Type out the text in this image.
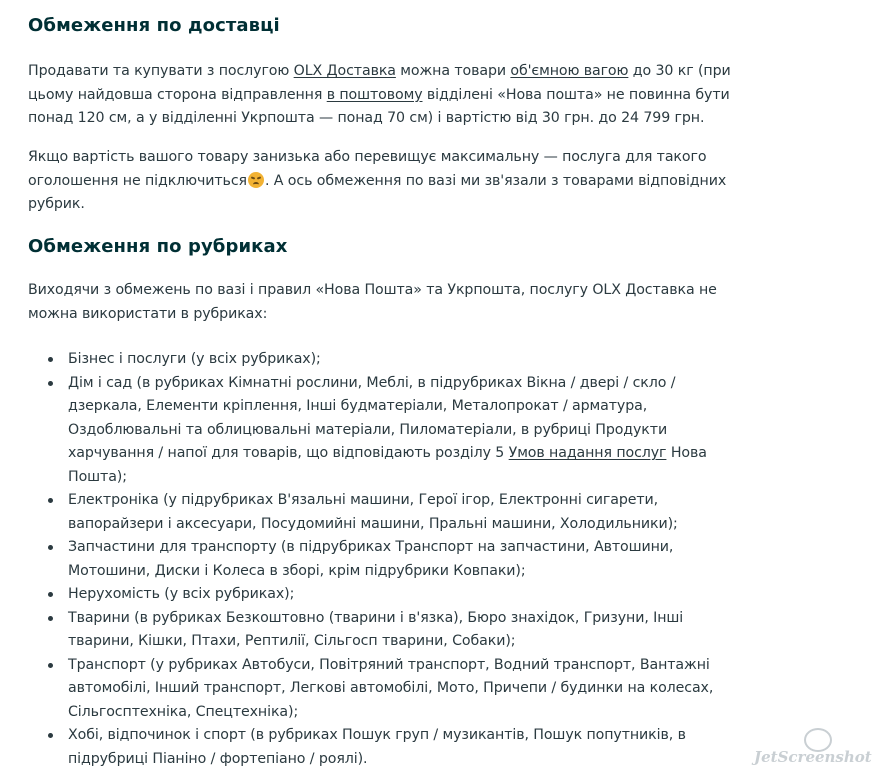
Обмеження по доставці

Продавати та купувати з послугою OLX Доставка можна товари об'ємною вагою до 30 кг (при цьому найдовша сторона відправлення в поштовому відділені «Нова пошта» не повинна бути понад 120 см, а у відділенні Укрпошта — понад 70 см) і вартістю від 30 грн. до 24 799 грн.

Якщо вартість вашого товару занизька або перевищує максимальну — послуга для такого оголошення не підключиться . А ось обмеження по вазі ми зв'язали з товарами відповідних рубрик.

Обмеження по рубриках

Виходячи з обмежень по вазі і правил «Нова Пошта» та Укрпошта, послугу OLX Доставка не можна використати в рубриках:

Бізнес і послуги (у всіх рубриках);
Дім і сад (в рубриках Кімнатні рослини, Меблі, в підрубриках Вікна / двері / скло / дзеркала, Елементи кріплення, Інші будматеріали, Металопрокат / арматура, Оздоблювальні та облицювальні матеріали, Пиломатеріали, в рубриці Продукти харчування / напої для товарів, що відповідають розділу 5 Умов надання послуг Нова Пошта);
Електроніка (у підрубриках В'язальні машини, Герої ігор, Електронні сигарети, вапорайзери і аксесуари, Посудомийні машини, Пральні машини, Холодильники);
Запчастини для транспорту (в підрубриках Транспорт на запчастини, Автошини, Мотошини, Диски і Колеса в зборі, крім підрубрики Ковпаки);
Нерухомість (у всіх рубриках);
Тварини (в рубриках Безкоштовно (тварини і в'язка), Бюро знахідок, Гризуни, Інші тварини, Кішки, Птахи, Рептилії, Сільгосп тварини, Собаки);
Транспорт (у рубриках Автобуси, Повітряний транспорт, Водний транспорт, Вантажні автомобілі, Інший транспорт, Легкові автомобілі, Мото, Причепи / будинки на колесах, Сільгосптехніка, Спецтехніка);
Хобі, відпочинок і спорт (в рубриках Пошук груп / музикантів, Пошук попутників, в підрубриці Піаніно / фортепіано / роялі).	JetScreenshot
